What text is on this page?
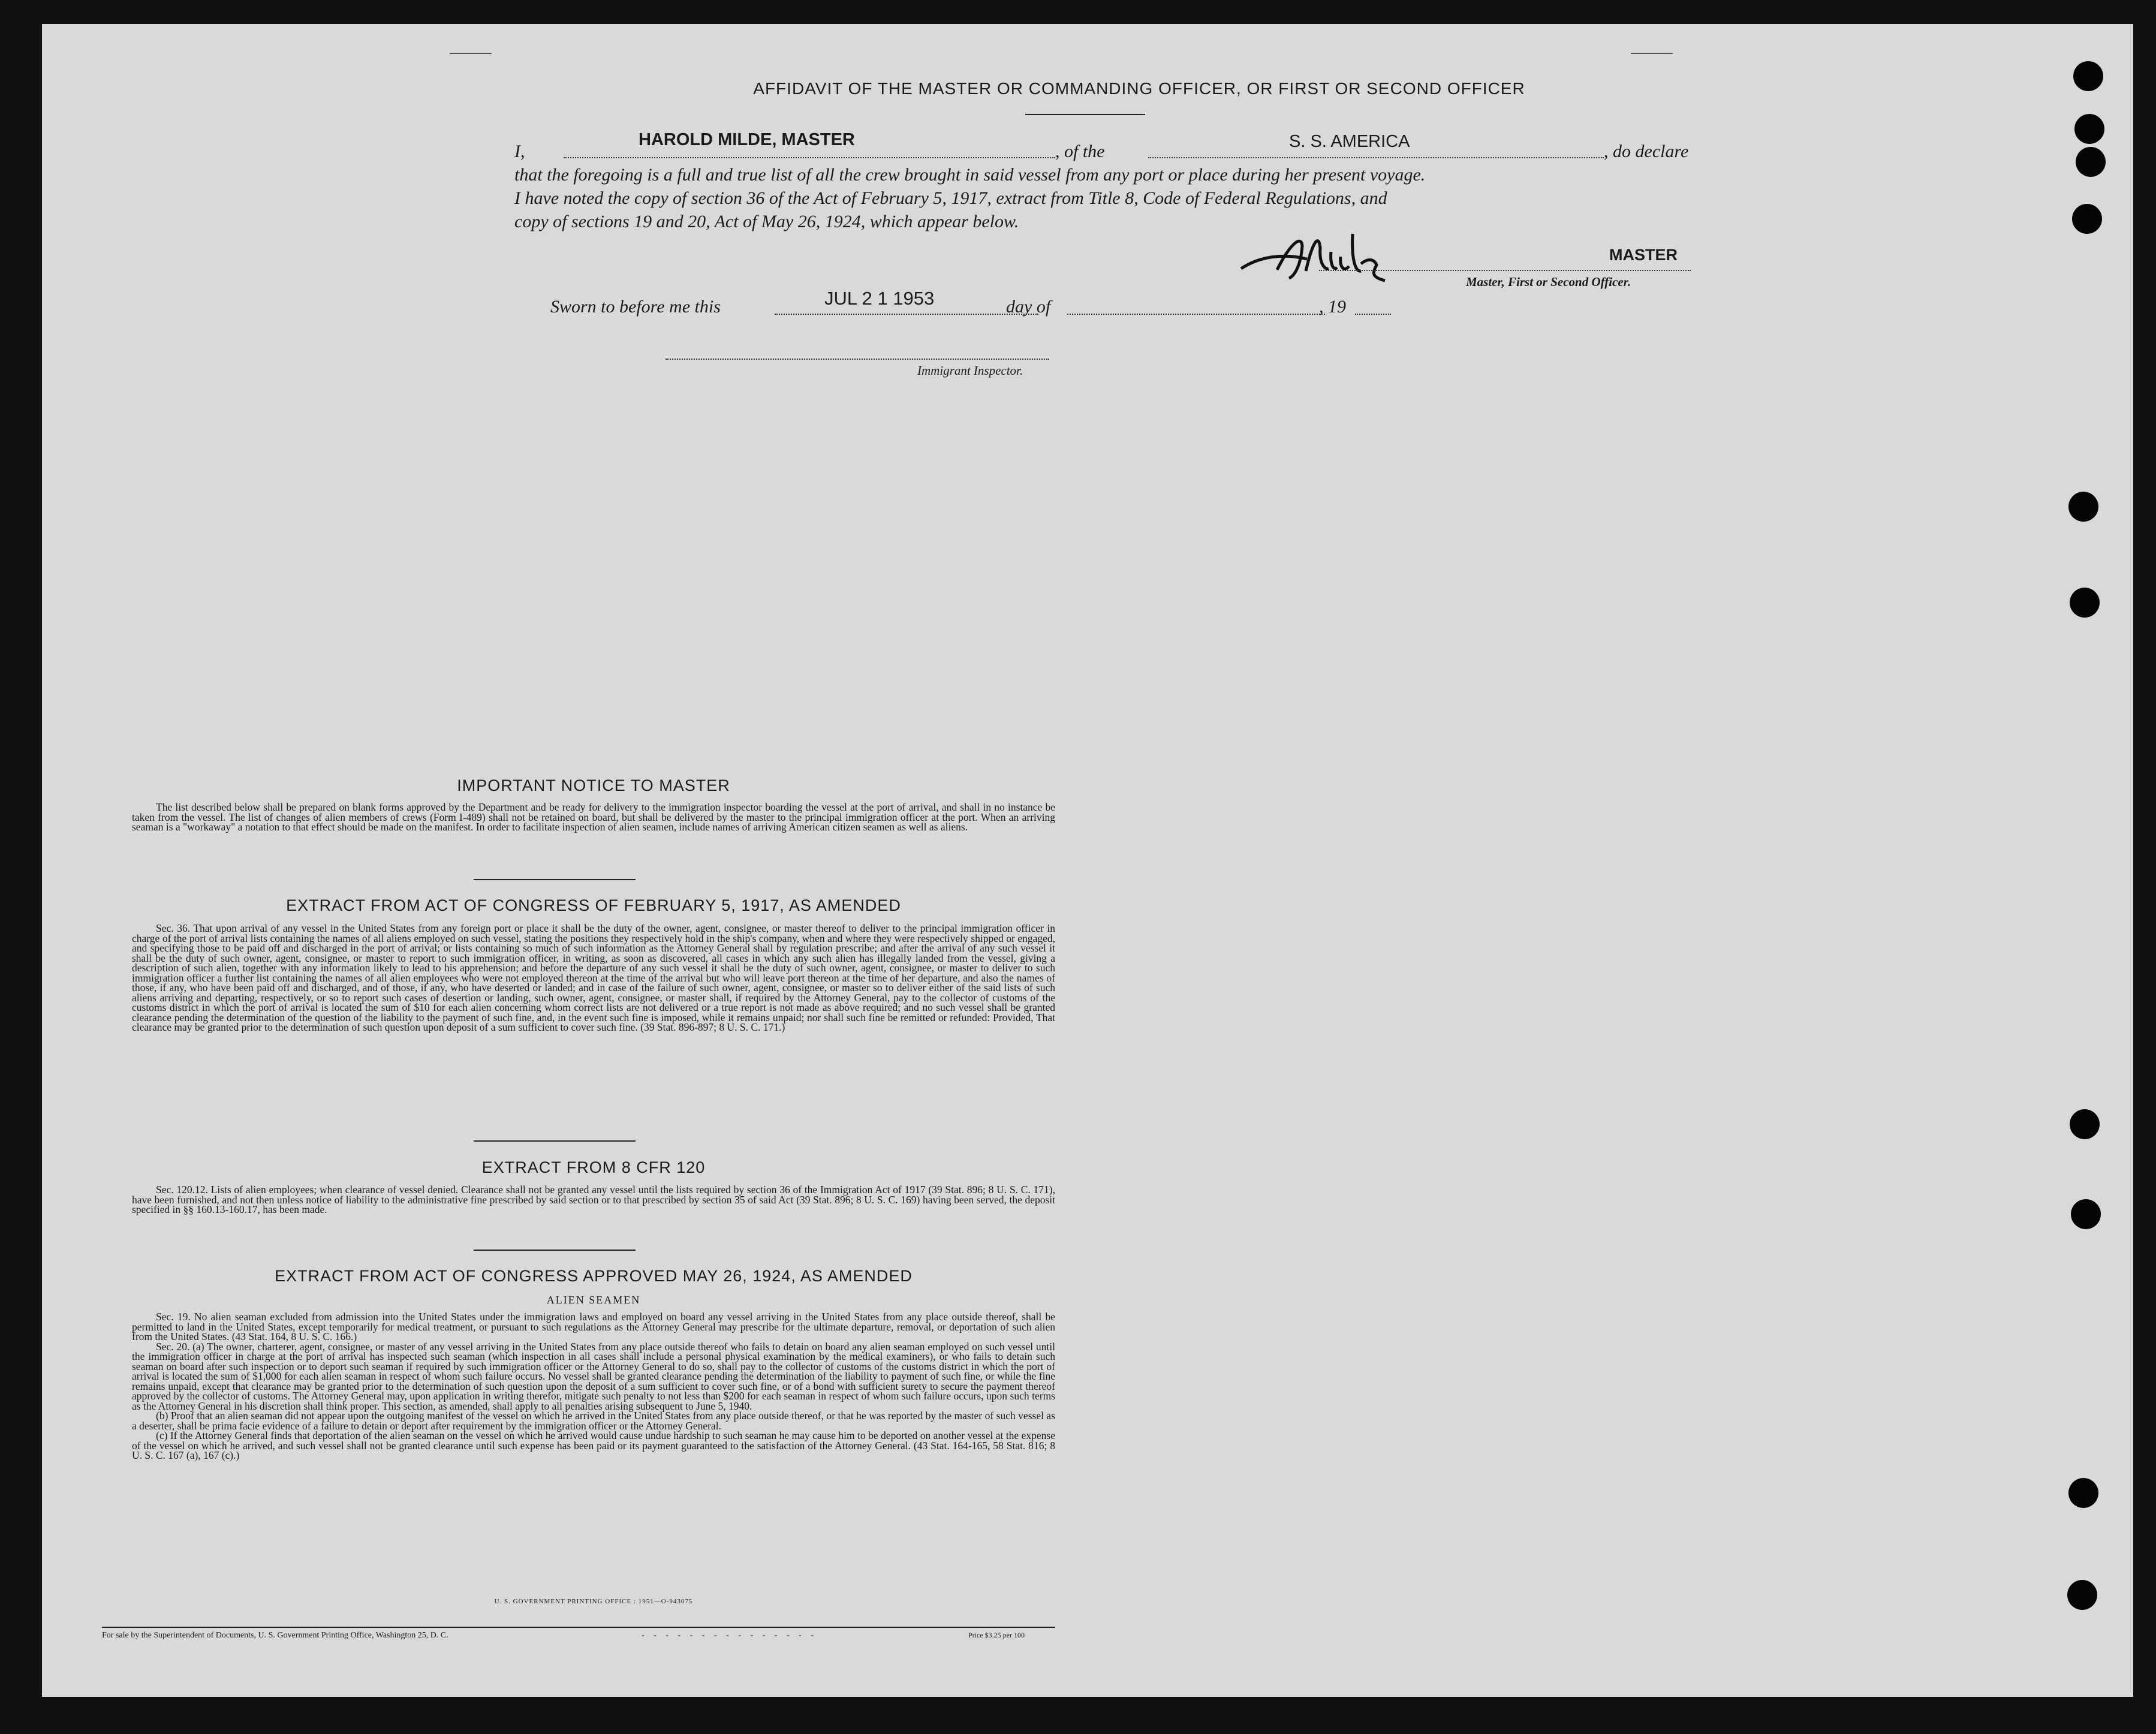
AFFIDAVIT OF THE MASTER OR COMMANDING OFFICER, OR FIRST OR SECOND OFFICER
I,
HAROLD MILDE, MASTER
, of the	S. S. AMERICA	, do declare
that the foregoing is a full and true list of all the crew brought in said vessel from any port or place during her present voyage.
I have noted the copy of section 36 of the Act of February 5, 1917, extract from Title 8, Code of Federal Regulations, and
copy of sections 19 and 20, Act of May 26, 1924, which appear below.
MASTER
Master, First or Second Officer.
Sworn to before me this	JUL 2 1 1953	day of	, 19
Immigrant Inspector.
IMPORTANT NOTICE TO MASTER

The list described below shall be prepared on blank forms approved by the Department and be ready for delivery to the immigration inspector boarding the vessel at the port of arrival, and shall in no instance be taken from the vessel. The list of changes of alien members of crews (Form I-489) shall not be retained on board, but shall be delivered by the master to the principal immigration officer at the port. When an arriving seaman is a "workaway" a notation to that effect should be made on the manifest. In order to facilitate inspection of alien seamen, include names of arriving American citizen seamen as well as aliens.

EXTRACT FROM ACT OF CONGRESS OF FEBRUARY 5, 1917, AS AMENDED

Sec. 36. That upon arrival of any vessel in the United States from any foreign port or place it shall be the duty of the owner, agent, consignee, or master thereof to deliver to the principal immigration officer in charge of the port of arrival lists containing the names of all aliens employed on such vessel, stating the positions they respectively hold in the ship's company, when and where they were respectively shipped or engaged, and specifying those to be paid off and discharged in the port of arrival; or lists containing so much of such information as the Attorney General shall by regulation prescribe; and after the arrival of any such vessel it shall be the duty of such owner, agent, consignee, or master to report to such immigration officer, in writing, as soon as discovered, all cases in which any such alien has illegally landed from the vessel, giving a description of such alien, together with any information likely to lead to his apprehension; and before the departure of any such vessel it shall be the duty of such owner, agent, consignee, or master to deliver to such immigration officer a further list containing the names of all alien employees who were not employed thereon at the time of the arrival but who will leave port thereon at the time of her departure, and also the names of those, if any, who have been paid off and discharged, and of those, if any, who have deserted or landed; and in case of the failure of such owner, agent, consignee, or master so to deliver either of the said lists of such aliens arriving and departing, respectively, or so to report such cases of desertion or landing, such owner, agent, consignee, or master shall, if required by the Attorney General, pay to the collector of customs of the customs district in which the port of arrival is located the sum of $10 for each alien concerning whom correct lists are not delivered or a true report is not made as above required; and no such vessel shall be granted clearance pending the determination of the question of the liability to the payment of such fine, and, in the event such fine is imposed, while it remains unpaid; nor shall such fine be remitted or refunded: Provided, That clearance may be granted prior to the determination of such question upon deposit of a sum sufficient to cover such fine. (39 Stat. 896-897; 8 U. S. C. 171.)

EXTRACT FROM 8 CFR 120

Sec. 120.12. Lists of alien employees; when clearance of vessel denied. Clearance shall not be granted any vessel until the lists required by section 36 of the Immigration Act of 1917 (39 Stat. 896; 8 U. S. C. 171), have been furnished, and not then unless notice of liability to the administrative fine prescribed by said section or to that prescribed by section 35 of said Act (39 Stat. 896; 8 U. S. C. 169) having been served, the deposit specified in §§ 160.13-160.17, has been made.

EXTRACT FROM ACT OF CONGRESS APPROVED MAY 26, 1924, AS AMENDED
ALIEN SEAMEN

Sec. 19. No alien seaman excluded from admission into the United States under the immigration laws and employed on board any vessel arriving in the United States from any place outside thereof, shall be permitted to land in the United States, except temporarily for medical treatment, or pursuant to such regulations as the Attorney General may prescribe for the ultimate departure, removal, or deportation of such alien from the United States. (43 Stat. 164, 8 U. S. C. 166.)

Sec. 20. (a) The owner, charterer, agent, consignee, or master of any vessel arriving in the United States from any place outside thereof who fails to detain on board any alien seaman employed on such vessel until the immigration officer in charge at the port of arrival has inspected such seaman (which inspection in all cases shall include a personal physical examination by the medical examiners), or who fails to detain such seaman on board after such inspection or to deport such seaman if required by such immigration officer or the Attorney General to do so, shall pay to the collector of customs of the customs district in which the port of arrival is located the sum of $1,000 for each alien seaman in respect of whom such failure occurs. No vessel shall be granted clearance pending the determination of the liability to payment of such fine, or while the fine remains unpaid, except that clearance may be granted prior to the determination of such question upon the deposit of a sum sufficient to cover such fine, or of a bond with sufficient surety to secure the payment thereof approved by the collector of customs. The Attorney General may, upon application in writing therefor, mitigate such penalty to not less than $200 for each seaman in respect of whom such failure occurs, upon such terms as the Attorney General in his discretion shall think proper. This section, as amended, shall apply to all penalties arising subsequent to June 5, 1940.

(b) Proof that an alien seaman did not appear upon the outgoing manifest of the vessel on which he arrived in the United States from any place outside thereof, or that he was reported by the master of such vessel as a deserter, shall be prima facie evidence of a failure to detain or deport after requirement by the immigration officer or the Attorney General.

(c) If the Attorney General finds that deportation of the alien seaman on the vessel on which he arrived would cause undue hardship to such seaman he may cause him to be deported on another vessel at the expense of the vessel on which he arrived, and such vessel shall not be granted clearance until such expense has been paid or its payment guaranteed to the satisfaction of the Attorney General. (43 Stat. 164-165, 58 Stat. 816; 8 U. S. C. 167 (a), 167 (c).)

U. S. GOVERNMENT PRINTING OFFICE : 1951—O-943075
For sale by the Superintendent of Documents, U. S. Government Printing Office, Washington 25, D. C.	- - - - - - - - - - - - - - -	Price $3.25 per 100
